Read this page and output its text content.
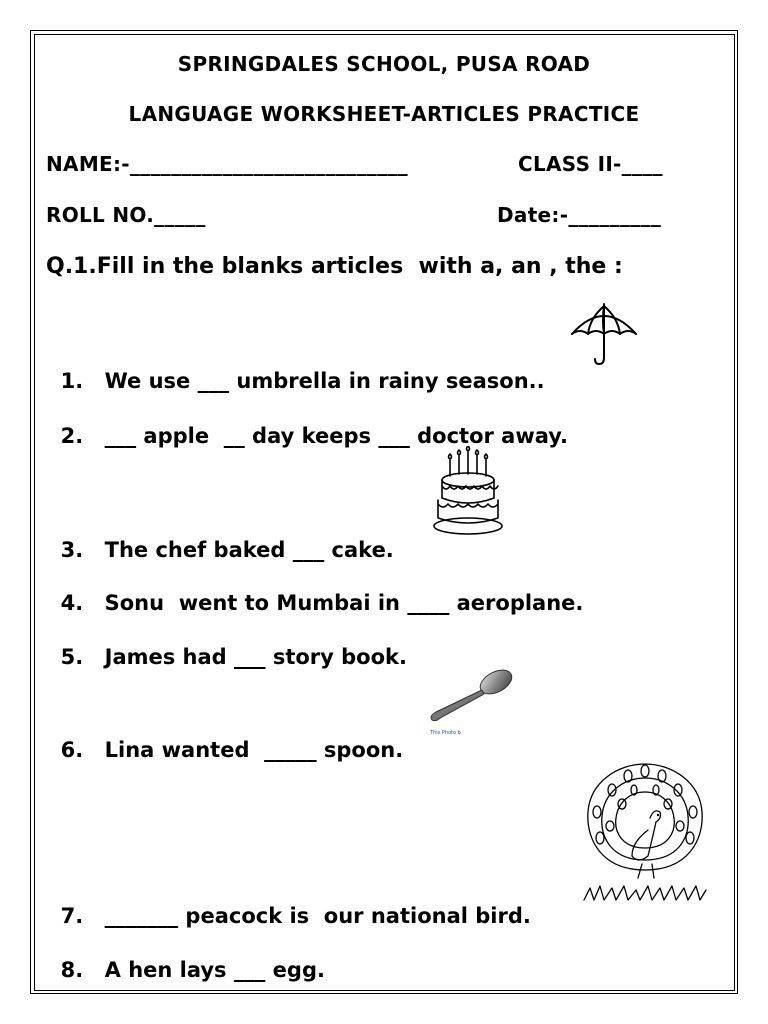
SPRINGDALES SCHOOL, PUSA ROAD
LANGUAGE WORKSHEET-ARTICLES PRACTICE
NAME:-___________________________	CLASS II-____
ROLL NO._____	Date:-_________
Q.1.Fill in the blanks articles  with a, an , the :

1. We use ___ umbrella in rainy season..

2. ___ apple  __ day keeps ___ doctor away.

3. The chef baked ___ cake.

4. Sonu  went to Mumbai in ____ aeroplane.

5. James had ___ story book.

6. Lina wanted  _____ spoon.

7. _______ peacock is  our national bird.

8. A hen lays ___ egg.

This Photo b
